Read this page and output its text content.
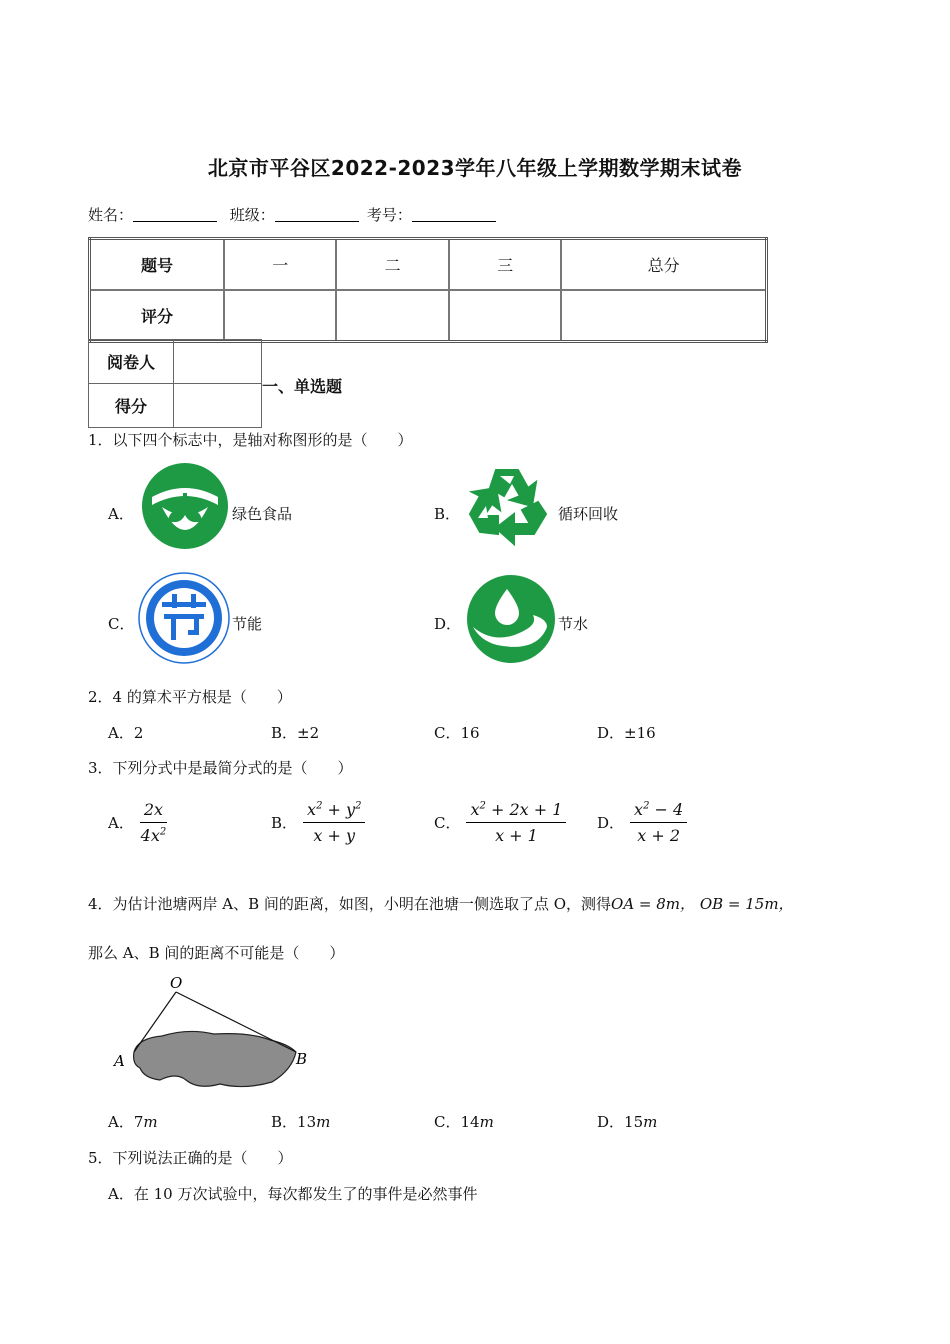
北京市平谷区2022-2023学年八年级上学期数学期末试卷
姓名：	班级：	考号：
题号	一	二	三	总分
评分				
阅卷人	
得分	
一、单选题
1．以下四个标志中，是轴对称图形的是（　　）
A．	绿色食品	B．	循环回收
C．	节能	D．	节水
2．4 的算术平方根是（　　）
A．2	B．±2	C．16	D．±16
3．下列分式中是最简分式的是（　　）
A． $\frac{2x}{4x^2}$	B． $\frac{x^2 + y^2}{x + y}$	C． $\frac{x^2 + 2x + 1}{x + 1}$ D． $\frac{x^2 - 4}{x + 2}$
4．为估计池塘两岸 A、B 间的距离，如图，小明在池塘一侧选取了点 O，测得OA = 8m， OB = 15m，
那么 A、B 间的距离不可能是（　　）
O
A	B
A．7m	B．13m	C．14m	D．15m
5．下列说法正确的是（　　）
A．在 10 万次试验中，每次都发生了的事件是必然事件
